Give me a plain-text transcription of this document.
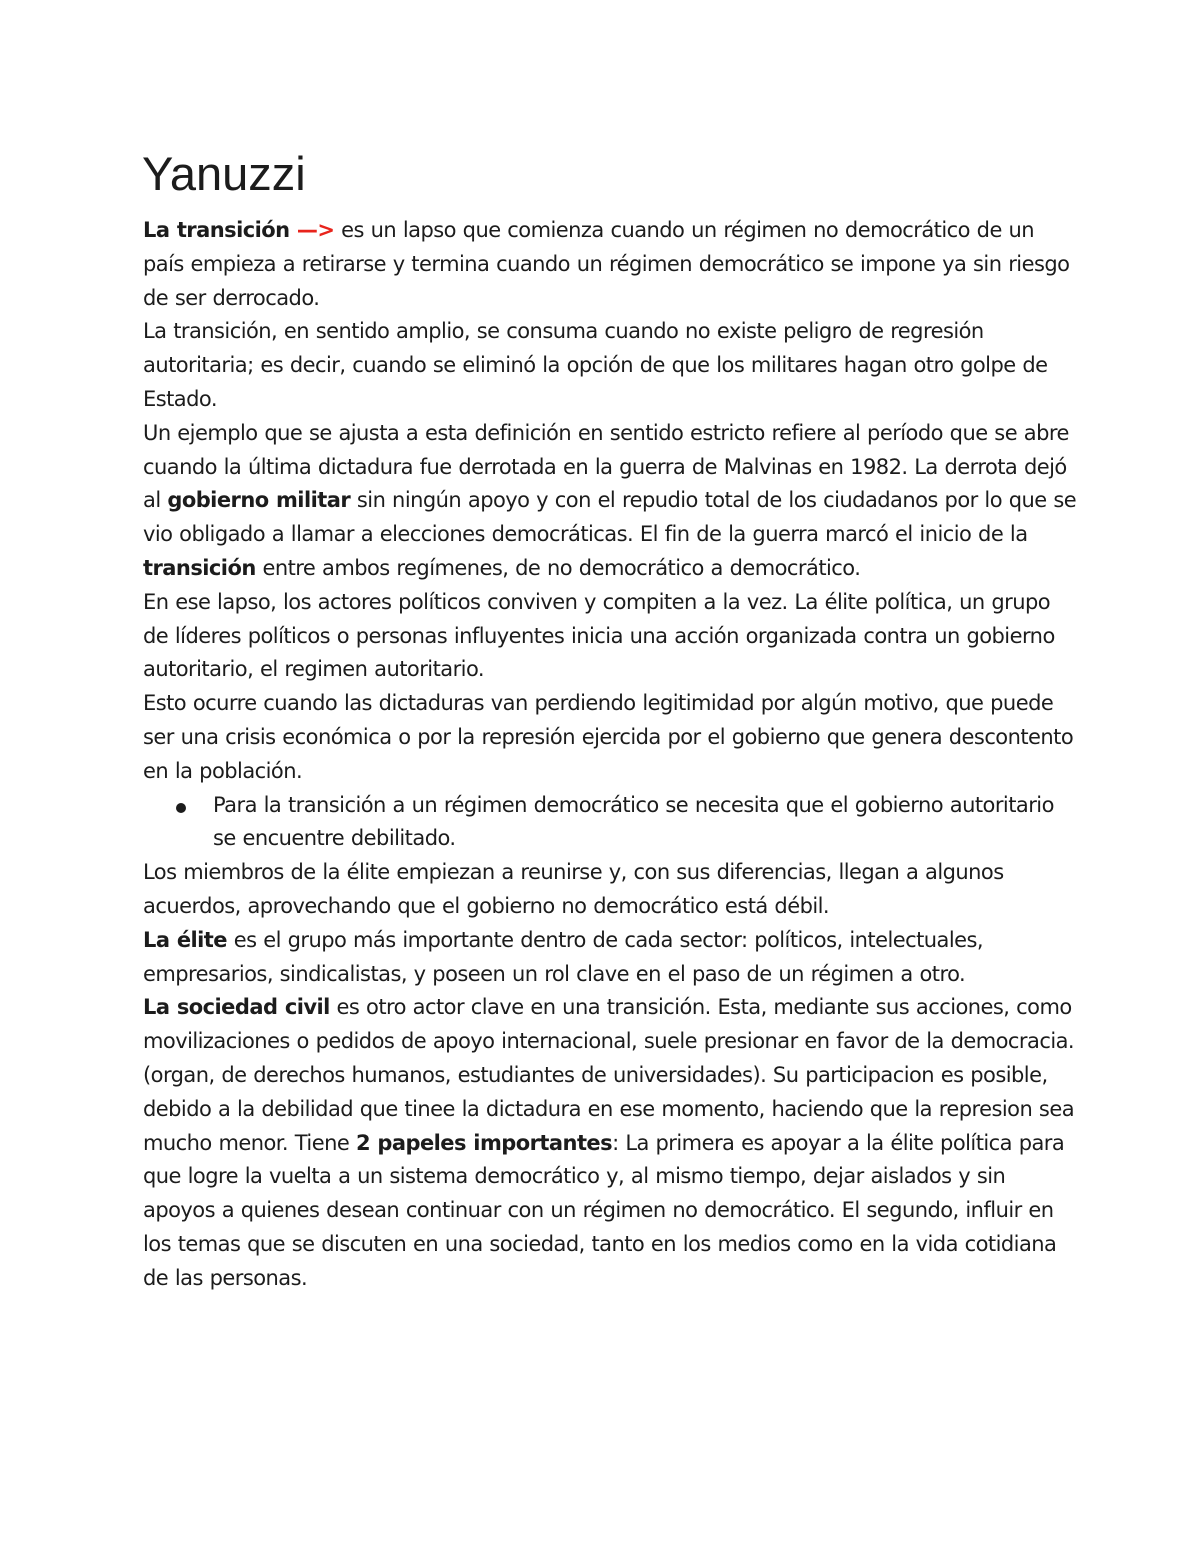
Yanuzzi

La transición —> es un lapso que comienza cuando un régimen no democrático de un país empieza a retirarse y termina cuando un régimen democrático se impone ya sin riesgo de ser derrocado.

La transición, en sentido amplio, se consuma cuando no existe peligro de regresión autoritaria; es decir, cuando se eliminó la opción de que los militares hagan otro golpe de Estado.

Un ejemplo que se ajusta a esta definición en sentido estricto refiere al período que se abre cuando la última dictadura fue derrotada en la guerra de Malvinas en 1982. La derrota dejó al gobierno militar sin ningún apoyo y con el repudio total de los ciudadanos por lo que se vio obligado a llamar a elecciones democráticas. El fin de la guerra marcó el inicio de la transición entre ambos regímenes, de no democrático a democrático.

En ese lapso, los actores políticos conviven y compiten a la vez. La élite política, un grupo de líderes políticos o personas influyentes inicia una acción organizada contra un gobierno autoritario, el regimen autoritario.

Esto ocurre cuando las dictaduras van perdiendo legitimidad por algún motivo, que puede ser una crisis económica o por la represión ejercida por el gobierno que genera descontento en la población.

Para la transición a un régimen democrático se necesita que el gobierno autoritario se encuentre debilitado.

Los miembros de la élite empiezan a reunirse y, con sus diferencias, llegan a algunos acuerdos, aprovechando que el gobierno no democrático está débil.

La élite es el grupo más importante dentro de cada sector: políticos, intelectuales, empresarios, sindicalistas, y poseen un rol clave en el paso de un régimen a otro.

La sociedad civil es otro actor clave en una transición. Esta, mediante sus acciones, como movilizaciones o pedidos de apoyo internacional, suele presionar en favor de la democracia. (organ, de derechos humanos, estudiantes de universidades). Su participacion es posible, debido a la debilidad que tinee la dictadura en ese momento, haciendo que la represion sea mucho menor. Tiene 2 papeles importantes: La primera es apoyar a la élite política para que logre la vuelta a un sistema democrático y, al mismo tiempo, dejar aislados y sin apoyos a quienes desean continuar con un régimen no democrático. El segundo, influir en los temas que se discuten en una sociedad, tanto en los medios como en la vida cotidiana de las personas.
